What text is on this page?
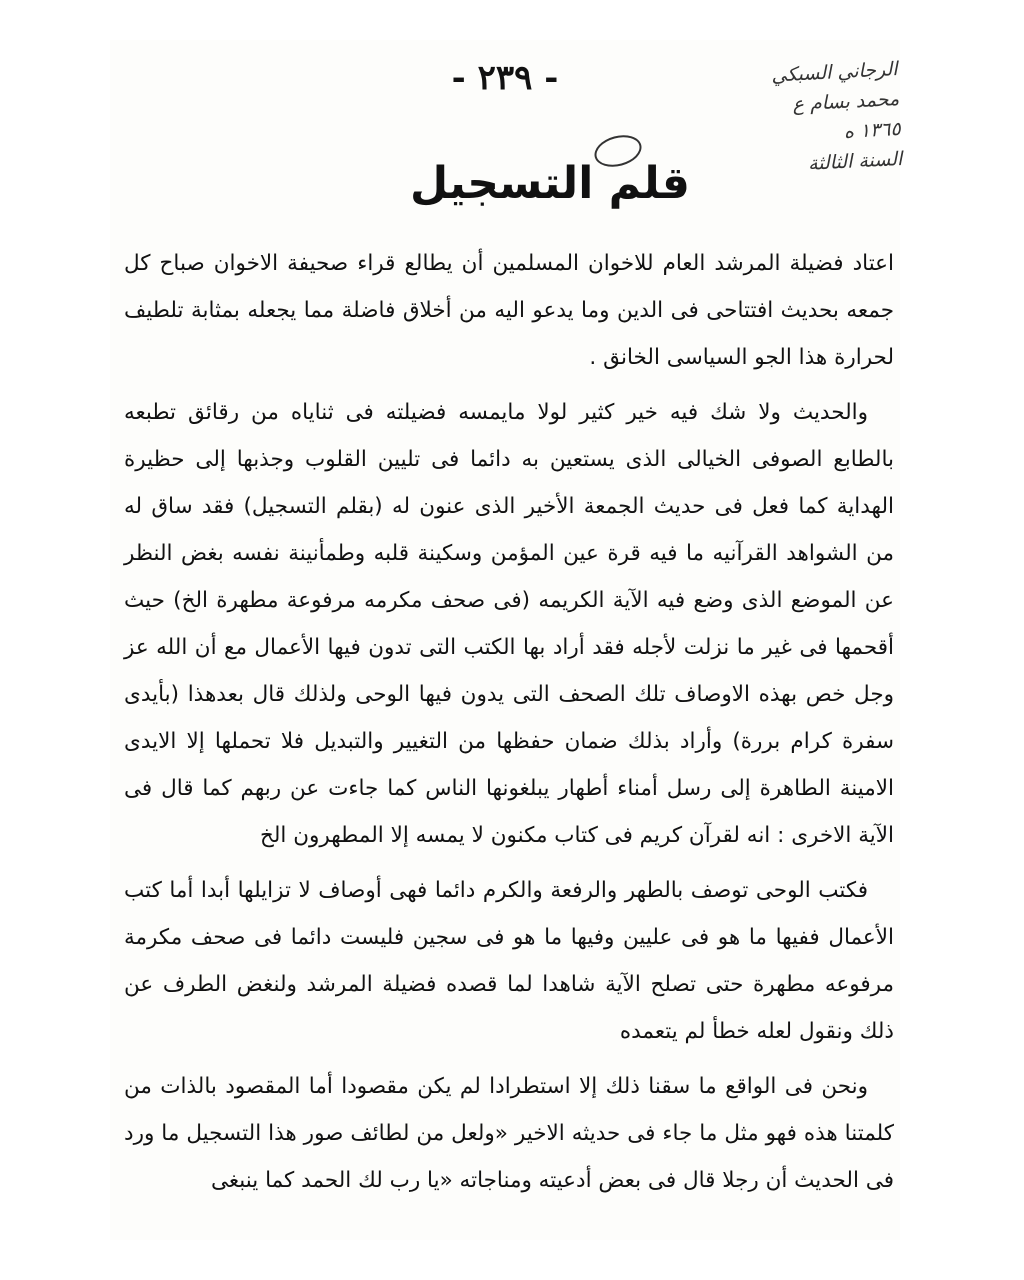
- ٢٣٩ -	الرجاني السبكي
محمد بسام ع
١٣٦٥ ه
السنة الثالثة
قلم التسجيل

اعتاد فضيلة المرشد العام للاخوان المسلمين أن يطالع قراء صحيفة الاخوان صباح كل جمعه بحديث افتتاحى فى الدين وما يدعو اليه من أخلاق فاضلة مما يجعله بمثابة تلطيف لحرارة هذا الجو السياسى الخانق .

والحديث ولا شك فيه خير كثير لولا مايمسه فضيلته فى ثناياه من رقائق تطبعه بالطابع الصوفى الخيالى الذى يستعين به دائما فى تليين القلوب وجذبها إلى حظيرة الهداية كما فعل فى حديث الجمعة الأخير الذى عنون له (بقلم التسجيل) فقد ساق له من الشواهد القرآنيه ما فيه قرة عين المؤمن وسكينة قلبه وطمأنينة نفسه بغض النظر عن الموضع الذى وضع فيه الآية الكريمه (فى صحف مكرمه مرفوعة مطهرة الخ) حيث أقحمها فى غير ما نزلت لأجله فقد أراد بها الكتب التى تدون فيها الأعمال مع أن الله عز وجل خص بهذه الاوصاف تلك الصحف التى يدون فيها الوحى ولذلك قال بعدهذا (بأيدى سفرة كرام بررة) وأراد بذلك ضمان حفظها من التغيير والتبديل فلا تحملها إلا الايدى الامينة الطاهرة إلى رسل أمناء أطهار يبلغونها الناس كما جاءت عن ربهم كما قال فى الآية الاخرى : انه لقرآن كريم فى كتاب مكنون لا يمسه إلا المطهرون الخ

فكتب الوحى توصف بالطهر والرفعة والكرم دائما فهى أوصاف لا تزايلها أبدا أما كتب الأعمال ففيها ما هو فى عليين وفيها ما هو فى سجين فليست دائما فى صحف مكرمة مرفوعه مطهرة حتى تصلح الآية شاهدا لما قصده فضيلة المرشد ولنغض الطرف عن ذلك ونقول لعله خطأ لم يتعمده

ونحن فى الواقع ما سقنا ذلك إلا استطرادا لم يكن مقصودا أما المقصود بالذات من كلمتنا هذه فهو مثل ما جاء فى حديثه الاخير «ولعل من لطائف صور هذا التسجيل ما ورد فى الحديث أن رجلا قال فى بعض أدعيته ومناجاته «يا رب لك الحمد كما ينبغى
